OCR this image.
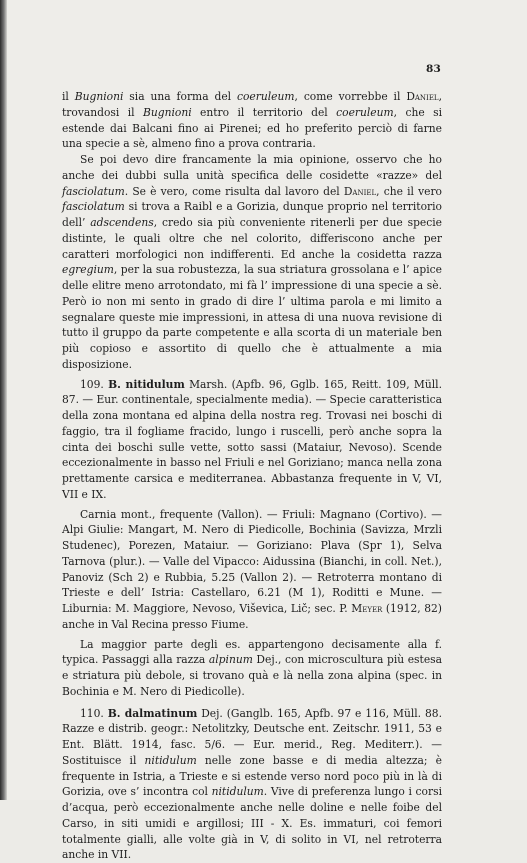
83

il Bugnioni sia una forma del coeruleum, come vorrebbe il Daniel, trovandosi il Bugnioni entro il territorio del coeruleum, che si estende dai Balcani fino ai Pirenei; ed ho preferito perciò di farne una specie a sè, almeno fino a prova contraria.

Se poi devo dire francamente la mia opinione, osservo che ho anche dei dubbi sulla unità specifica delle cosidette «razze» del fasciolatum. Se è vero, come risulta dal lavoro del Daniel, che il vero fasciolatum si trova a Raibl e a Gorizia, dunque proprio nel territorio dell’ adscendens, credo sia più conveniente ritenerli per due specie distinte, le quali oltre che nel colorito, differiscono anche per caratteri morfologici non indifferenti. Ed anche la cosidetta razza egregium, per la sua robustezza, la sua striatura grossolana e l’ apice delle elitre meno arrotondato, mi fà l’ impressione di una specie a sè. Però io non mi sento in grado di dire l’ ultima parola e mi limito a segnalare queste mie impressioni, in attesa di una nuova revisione di tutto il gruppo da parte competente e alla scorta di un materiale ben più copioso e assortito di quello che è attualmente a mia disposizione.

109. B. nitidulum Marsh. (Apfb. 96, Gglb. 165, Reitt. 109, Müll. 87. — Eur. continentale, specialmente media). — Specie caratteristica della zona montana ed alpina della nostra reg. Trovasi nei boschi di faggio, tra il fogliame fracido, lungo i ruscelli, però anche sopra la cinta dei boschi sulle vette, sotto sassi (Mataiur, Nevoso). Scende eccezionalmente in basso nel Friuli e nel Goriziano; manca nella zona prettamente carsica e mediterranea. Abbastanza frequente in V, VI, VII e IX.

Carnia mont., frequente (Vallon). — Friuli: Magnano (Cortivo). — Alpi Giulie: Mangart, M. Nero di Piedicolle, Bochinia (Savizza, Mrzli Studenec), Porezen, Mataiur. — Goriziano: Plava (Spr 1), Selva Tarnova (plur.). — Valle del Vipacco: Aidussina (Bianchi, in coll. Net.), Panoviz (Sch 2) e Rubbia, 5.25 (Vallon 2). — Retroterra montano di Trieste e dell’ Istria: Castellaro, 6.21 (M 1), Roditti e Mune. — Liburnia: M. Maggiore, Nevoso, Viševica, Lič; sec. P. Meyer (1912, 82) anche in Val Recina presso Fiume.

La maggior parte degli es. appartengono decisamente alla f. typica. Passaggi alla razza alpinum Dej., con microscultura più estesa e striatura più debole, si trovano quà e là nella zona alpina (spec. in Bochinia e M. Nero di Piedicolle).

110. B. dalmatinum Dej. (Ganglb. 165, Apfb. 97 e 116, Müll. 88. Razze e distrib. geogr.: Netolitzky, Deutsche ent. Zeitschr. 1911, 53 e Ent. Blätt. 1914, fasc. 5/6. — Eur. merid., Reg. Mediterr.). — Sostituisce il nitidulum nelle zone basse e di media altezza; è frequente in Istria, a Trieste e si estende verso nord poco più in là di Gorizia, ove s’ incontra col nitidulum. Vive di preferenza lungo i corsi d’acqua, però eccezionalmente anche nelle doline e nelle foibe del Carso, in siti umidi e argillosi; III - X. Es. immaturi, coi femori totalmente gialli, alle volte già in V, di solito in VI, nel retroterra anche in VII.
